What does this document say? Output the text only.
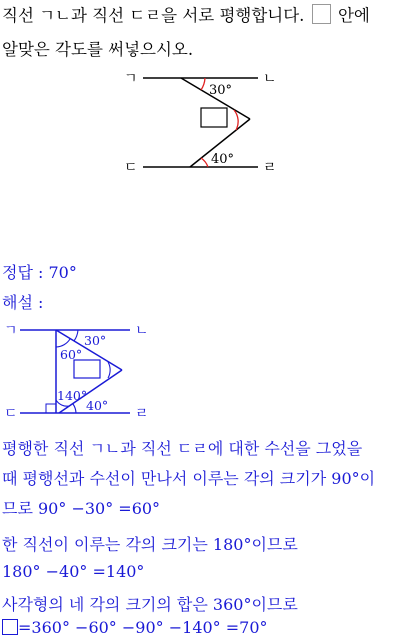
직선 ㄱㄴ과 직선 ㄷㄹ을 서로 평행합니다. 안에
알맞은 각도를 써넣으시오.
ㄱ	ㄴ
ㄷ	ㄹ
30°
40°
정답 : 70°
해설 :
ㄱ	ㄴ
ㄷ	ㄹ
30°
60°
140°
40°
평행한 직선 ㄱㄴ과 직선 ㄷㄹ에 대한 수선을 그었을
때 평행선과 수선이 만나서 이루는 각의 크기가 90°이
므로 90° −30° =60°
한 직선이 이루는 각의 크기는 180°이므로
180° −40° =140°
사각형의 네 각의 크기의 합은 360°이므로
=360° −60° −90° −140° =70°
